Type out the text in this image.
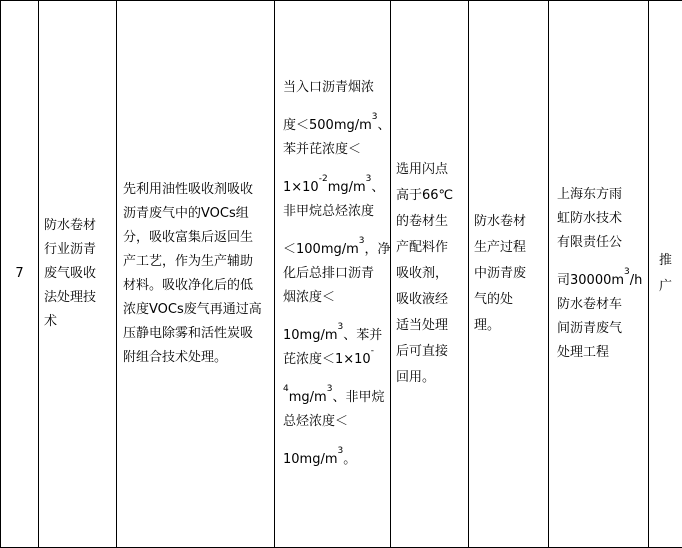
7	
防水卷材
行业沥青
废气吸收
法处理技
术

先利用油性吸收剂吸收
沥青废气中的VOCs组
分，吸收富集后返回生
产工艺，作为生产辅助
材料。吸收净化后的低
浓度VOCs废气再通过高
压静电除雾和活性炭吸
附组合技术处理。

当入口沥青烟浓
度$<500mg/m^3$、
苯并芘浓度＜
$1\times 10^{-2}mg/m^3$、
非甲烷总烃浓度
$<100mg/m^3$，净
化后总排口沥青
烟浓度＜
$10mg/m^3$、苯并
芘浓度＜1×10-
$^4mg/m^3$、非甲烷
总烃浓度＜
$10mg/m^3$。

选用闪点
高于66℃
的卷材生
产配料作
吸收剂，
吸收液经
适当处理
后可直接
回用。

防水卷材
生产过程
中沥青废
气的处
理。

上海东方雨
虹防水技术
有限责任公
司$30000m^3/h$
防水卷材车
间沥青废气
处理工程

推
广
